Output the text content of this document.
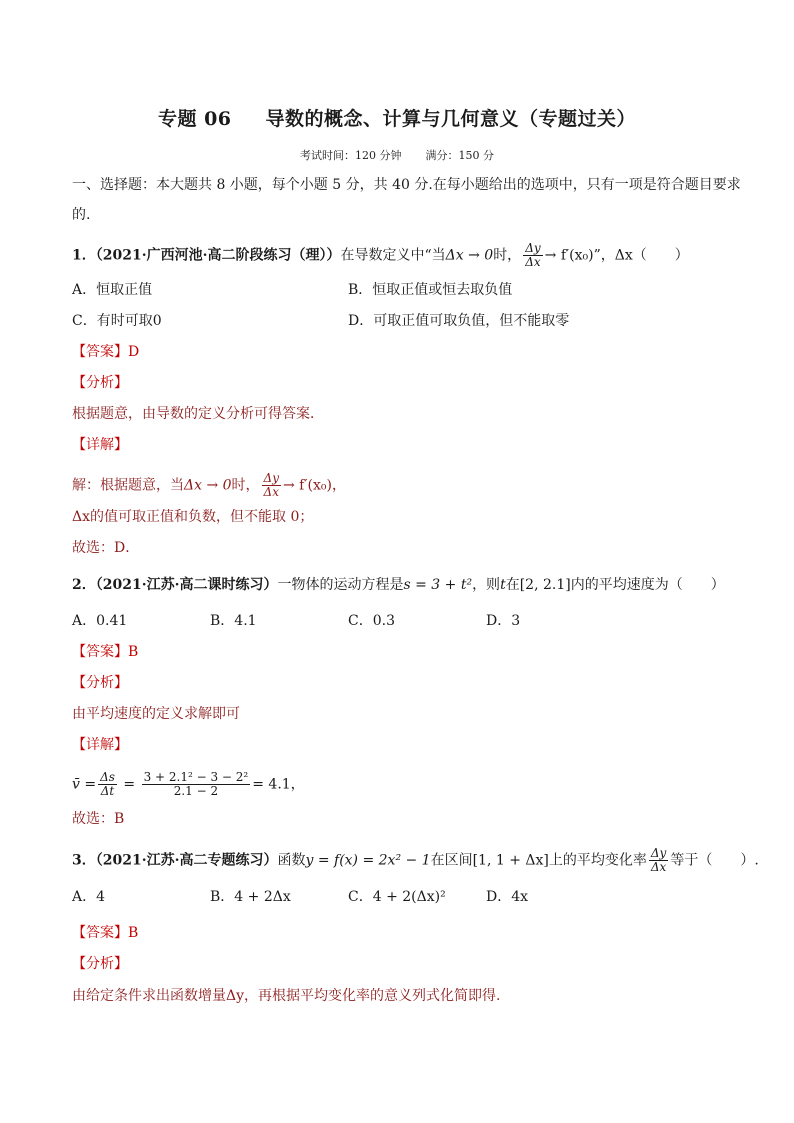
专题 06 导数的概念、计算与几何意义（专题过关）
考试时间：120 分钟 满分：150 分
一、选择题：本大题共 8 小题，每个小题 5 分，共 40 分.在每小题给出的选项中，只有一项是符合题目要求
的.
1．（2021·广西河池·高二阶段练习（理））在导数定义中“当Δx → 0时， $\frac{\Delta y}{\Delta x} \to f'(x_0)$”，Δx（　　）
A．恒取正值	B．恒取正值或恒去取负值
C．有时可取0	D．可取正值可取负值，但不能取零
【答案】D
【分析】
根据题意，由导数的定义分析可得答案．
【详解】
解：根据题意，当Δx → 0时， $\frac{\Delta y}{\Delta x} \to f'(x_0)$，
Δx的值可取正值和负数，但不能取 0；
故选：D．
2．（2021·江苏·高二课时练习）一物体的运动方程是s = 3 + t²，则t在[2, 2.1]内的平均速度为（　　）
A．0.41	B．4.1	C．0.3	D．3
【答案】B
【分析】
由平均速度的定义求解即可
【详解】
v̄ = $\frac{\Delta s}{\Delta t} = \frac{\text{3 + 2.1² − 3 − 2²}}{2.1 - 2} = 4.1$，
故选：B
3．（2021·江苏·高二专题练习）函数y = f(x) = 2x² − 1在区间[1, 1 + Δx]上的平均变化率 $\frac{\Delta y}{\Delta x}$ 等于（　　）.
A．4	B．4 + 2Δx	C．4 + 2(Δx)²	D．4x
【答案】B
【分析】
由给定条件求出函数增量Δy，再根据平均变化率的意义列式化简即得.
